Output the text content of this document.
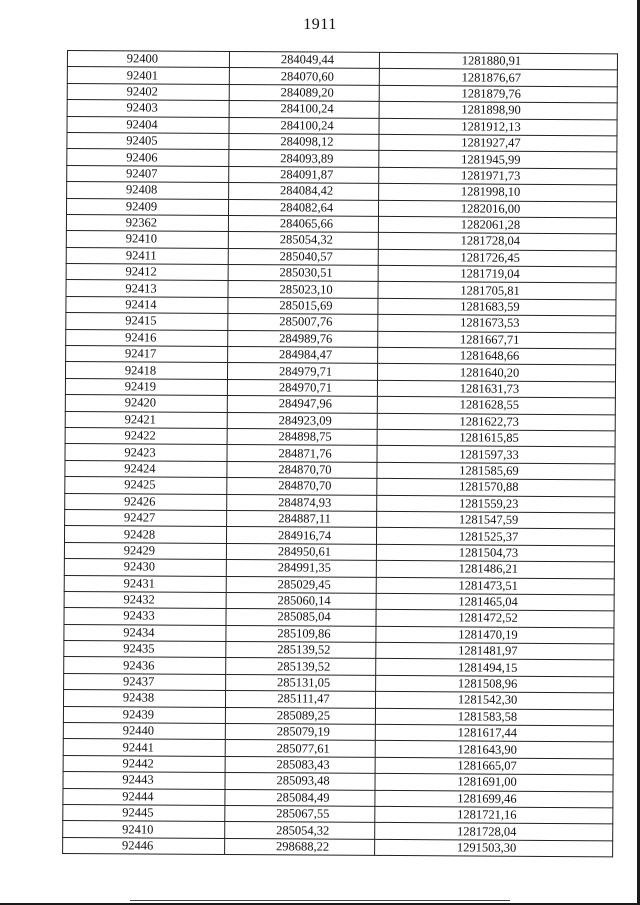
1911
92400	284049,44	1281880,91
92401	284070,60	1281876,67
92402	284089,20	1281879,76
92403	284100,24	1281898,90
92404	284100,24	1281912,13
92405	284098,12	1281927,47
92406	284093,89	1281945,99
92407	284091,87	1281971,73
92408	284084,42	1281998,10
92409	284082,64	1282016,00
92362	284065,66	1282061,28
92410	285054,32	1281728,04
92411	285040,57	1281726,45
92412	285030,51	1281719,04
92413	285023,10	1281705,81
92414	285015,69	1281683,59
92415	285007,76	1281673,53
92416	284989,76	1281667,71
92417	284984,47	1281648,66
92418	284979,71	1281640,20
92419	284970,71	1281631,73
92420	284947,96	1281628,55
92421	284923,09	1281622,73
92422	284898,75	1281615,85
92423	284871,76	1281597,33
92424	284870,70	1281585,69
92425	284870,70	1281570,88
92426	284874,93	1281559,23
92427	284887,11	1281547,59
92428	284916,74	1281525,37
92429	284950,61	1281504,73
92430	284991,35	1281486,21
92431	285029,45	1281473,51
92432	285060,14	1281465,04
92433	285085,04	1281472,52
92434	285109,86	1281470,19
92435	285139,52	1281481,97
92436	285139,52	1281494,15
92437	285131,05	1281508,96
92438	285111,47	1281542,30
92439	285089,25	1281583,58
92440	285079,19	1281617,44
92441	285077,61	1281643,90
92442	285083,43	1281665,07
92443	285093,48	1281691,00
92444	285084,49	1281699,46
92445	285067,55	1281721,16
92410	285054,32	1281728,04
92446	298688,22	1291503,30
